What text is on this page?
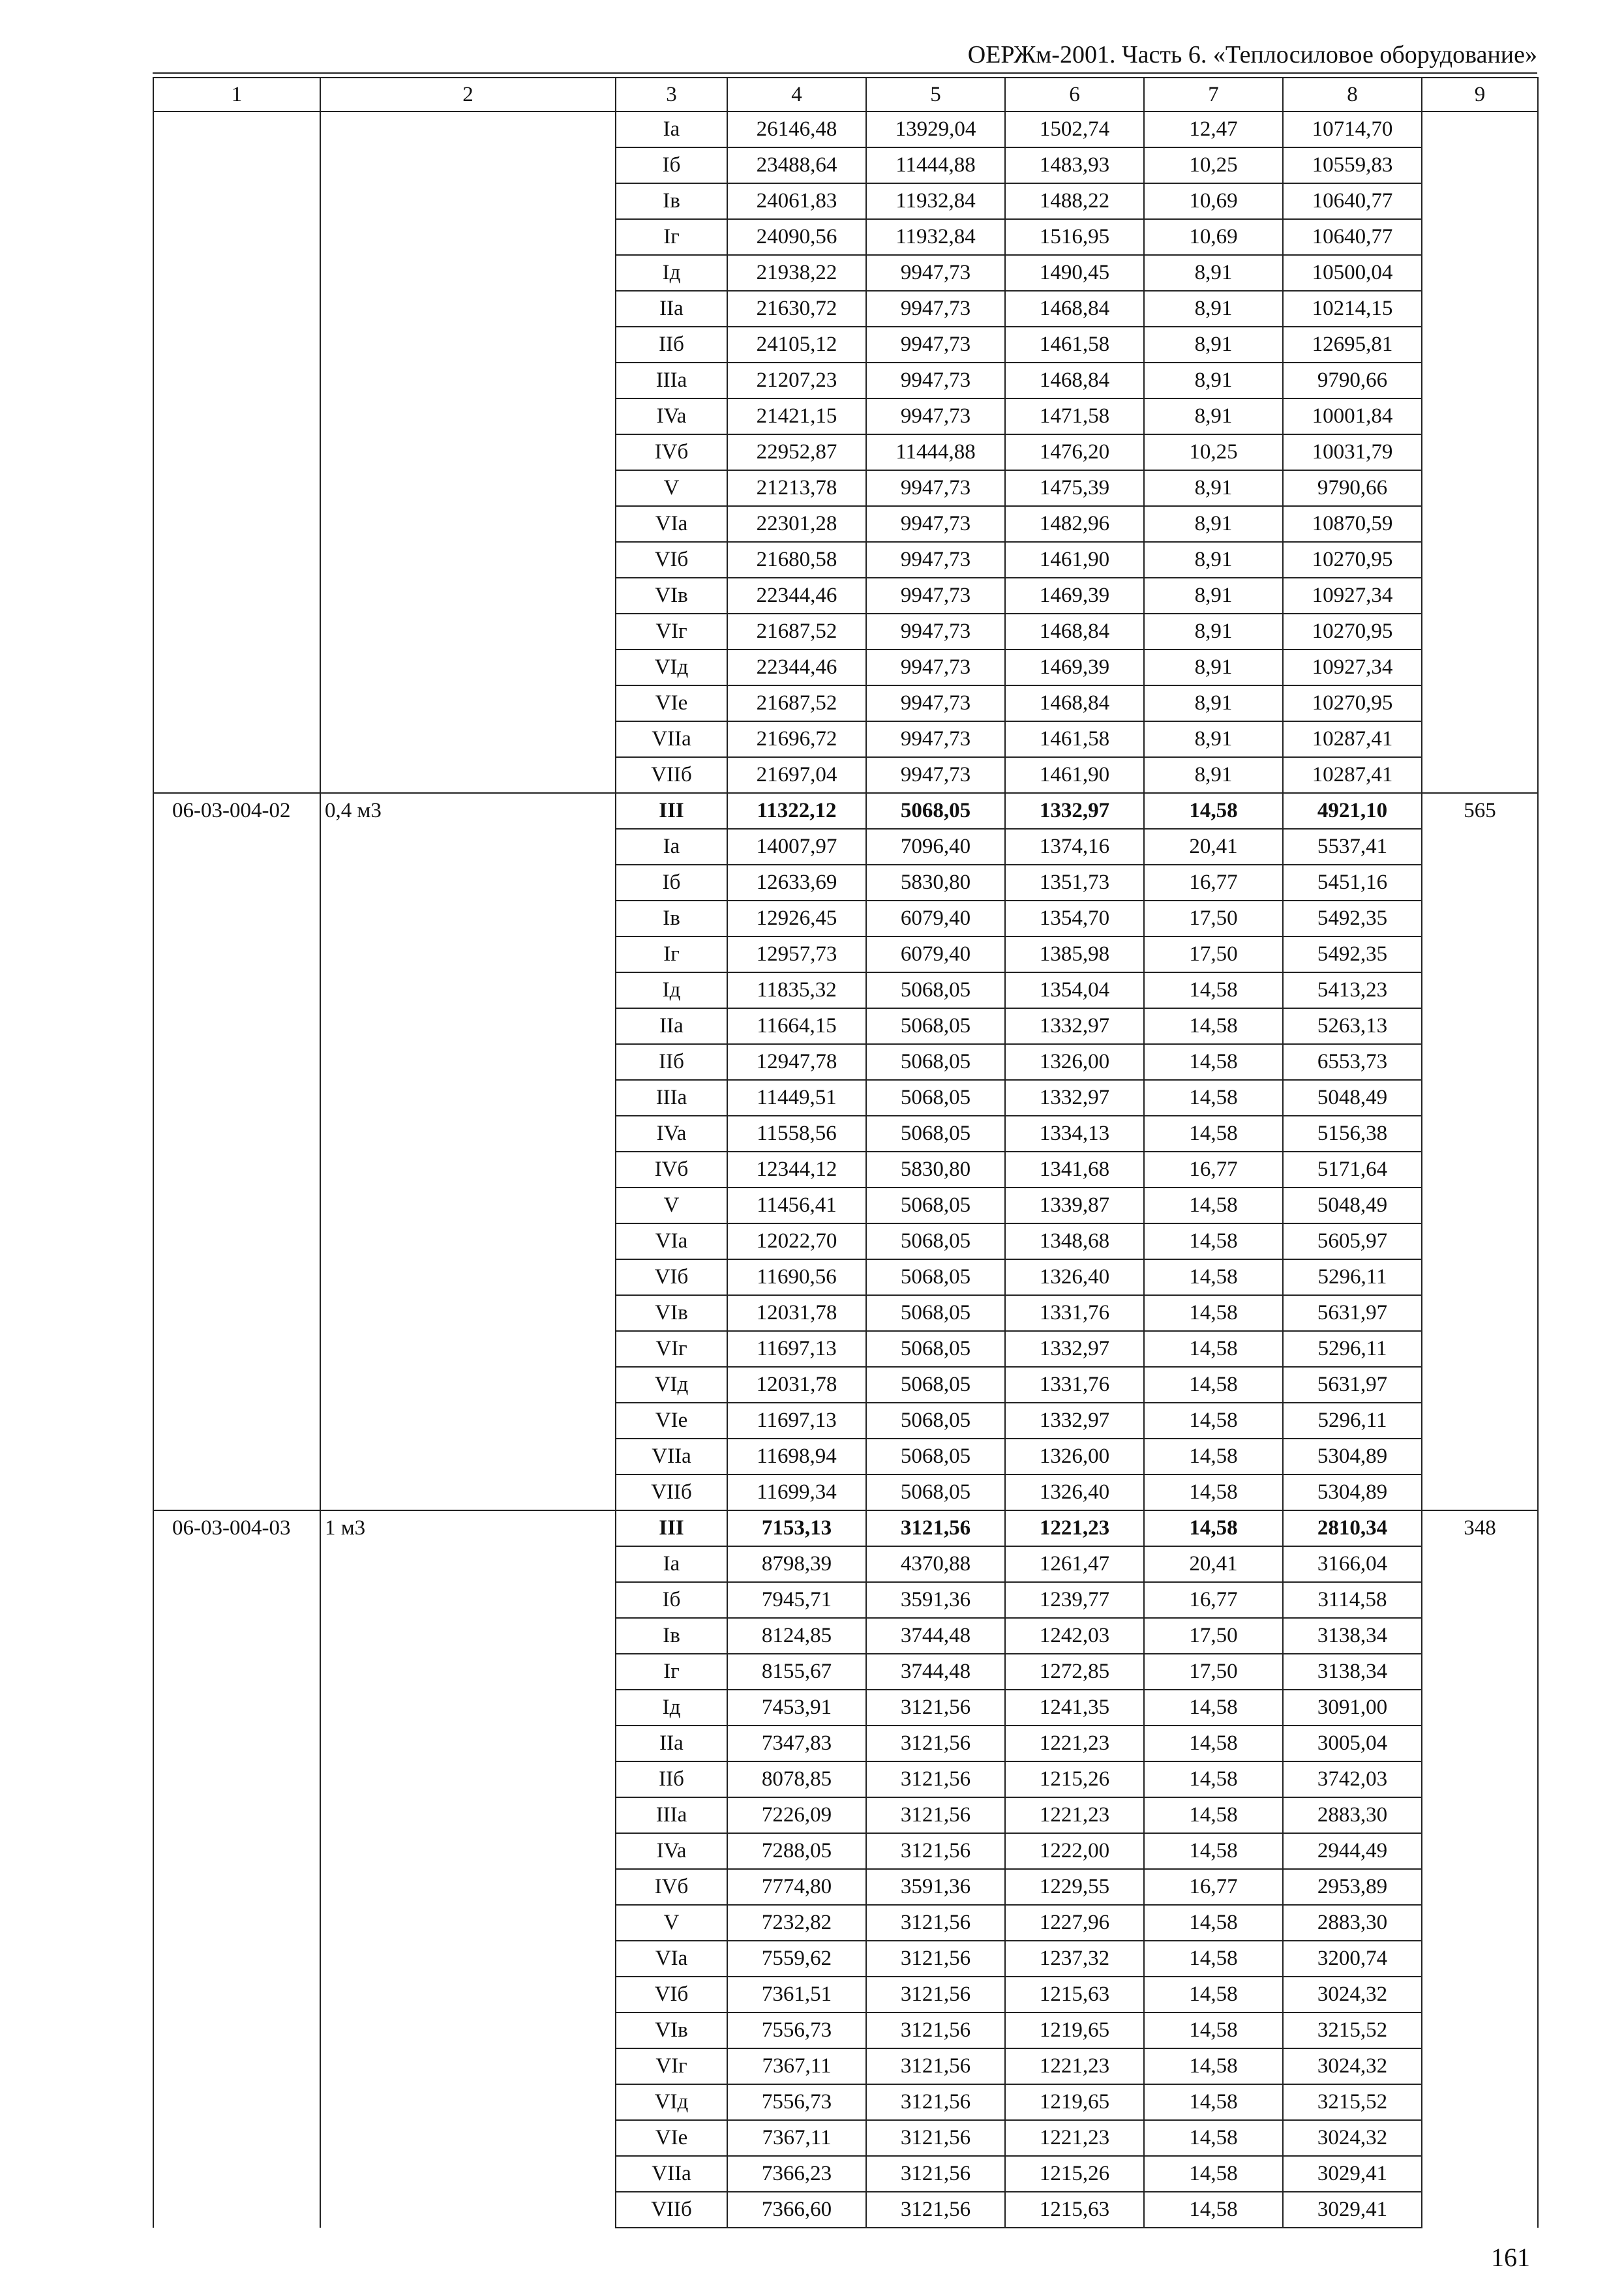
ОЕРЖм-2001. Часть 6. «Теплосиловое оборудование»
1	2	3	4	5	6	7	8	9
		Ia	26146,48	13929,04	1502,74	12,47	10714,70	
		Iб	23488,64	11444,88	1483,93	10,25	10559,83	
		Iв	24061,83	11932,84	1488,22	10,69	10640,77	
		Iг	24090,56	11932,84	1516,95	10,69	10640,77	
		Iд	21938,22	9947,73	1490,45	8,91	10500,04	
		IIa	21630,72	9947,73	1468,84	8,91	10214,15	
		IIб	24105,12	9947,73	1461,58	8,91	12695,81	
		IIIa	21207,23	9947,73	1468,84	8,91	9790,66	
		IVa	21421,15	9947,73	1471,58	8,91	10001,84	
		IVб	22952,87	11444,88	1476,20	10,25	10031,79	
		V	21213,78	9947,73	1475,39	8,91	9790,66	
		VIa	22301,28	9947,73	1482,96	8,91	10870,59	
		VIб	21680,58	9947,73	1461,90	8,91	10270,95	
		VIв	22344,46	9947,73	1469,39	8,91	10927,34	
		VIг	21687,52	9947,73	1468,84	8,91	10270,95	
		VIд	22344,46	9947,73	1469,39	8,91	10927,34	
		VIe	21687,52	9947,73	1468,84	8,91	10270,95	
		VIIa	21696,72	9947,73	1461,58	8,91	10287,41	
		VIIб	21697,04	9947,73	1461,90	8,91	10287,41	
06-03-004-02	0,4 м3	III	11322,12	5068,05	1332,97	14,58	4921,10	565
		Ia	14007,97	7096,40	1374,16	20,41	5537,41	
		Iб	12633,69	5830,80	1351,73	16,77	5451,16	
		Iв	12926,45	6079,40	1354,70	17,50	5492,35	
		Iг	12957,73	6079,40	1385,98	17,50	5492,35	
		Iд	11835,32	5068,05	1354,04	14,58	5413,23	
		IIa	11664,15	5068,05	1332,97	14,58	5263,13	
		IIб	12947,78	5068,05	1326,00	14,58	6553,73	
		IIIa	11449,51	5068,05	1332,97	14,58	5048,49	
		IVa	11558,56	5068,05	1334,13	14,58	5156,38	
		IVб	12344,12	5830,80	1341,68	16,77	5171,64	
		V	11456,41	5068,05	1339,87	14,58	5048,49	
		VIa	12022,70	5068,05	1348,68	14,58	5605,97	
		VIб	11690,56	5068,05	1326,40	14,58	5296,11	
		VIв	12031,78	5068,05	1331,76	14,58	5631,97	
		VIг	11697,13	5068,05	1332,97	14,58	5296,11	
		VIд	12031,78	5068,05	1331,76	14,58	5631,97	
		VIe	11697,13	5068,05	1332,97	14,58	5296,11	
		VIIa	11698,94	5068,05	1326,00	14,58	5304,89	
		VIIб	11699,34	5068,05	1326,40	14,58	5304,89	
06-03-004-03	1 м3	III	7153,13	3121,56	1221,23	14,58	2810,34	348
		Ia	8798,39	4370,88	1261,47	20,41	3166,04	
		Iб	7945,71	3591,36	1239,77	16,77	3114,58	
		Iв	8124,85	3744,48	1242,03	17,50	3138,34	
		Iг	8155,67	3744,48	1272,85	17,50	3138,34	
		Iд	7453,91	3121,56	1241,35	14,58	3091,00	
		IIa	7347,83	3121,56	1221,23	14,58	3005,04	
		IIб	8078,85	3121,56	1215,26	14,58	3742,03	
		IIIa	7226,09	3121,56	1221,23	14,58	2883,30	
		IVa	7288,05	3121,56	1222,00	14,58	2944,49	
		IVб	7774,80	3591,36	1229,55	16,77	2953,89	
		V	7232,82	3121,56	1227,96	14,58	2883,30	
		VIa	7559,62	3121,56	1237,32	14,58	3200,74	
		VIб	7361,51	3121,56	1215,63	14,58	3024,32	
		VIв	7556,73	3121,56	1219,65	14,58	3215,52	
		VIг	7367,11	3121,56	1221,23	14,58	3024,32	
		VIд	7556,73	3121,56	1219,65	14,58	3215,52	
		VIe	7367,11	3121,56	1221,23	14,58	3024,32	
		VIIa	7366,23	3121,56	1215,26	14,58	3029,41	
		VIIб	7366,60	3121,56	1215,63	14,58	3029,41	
161
